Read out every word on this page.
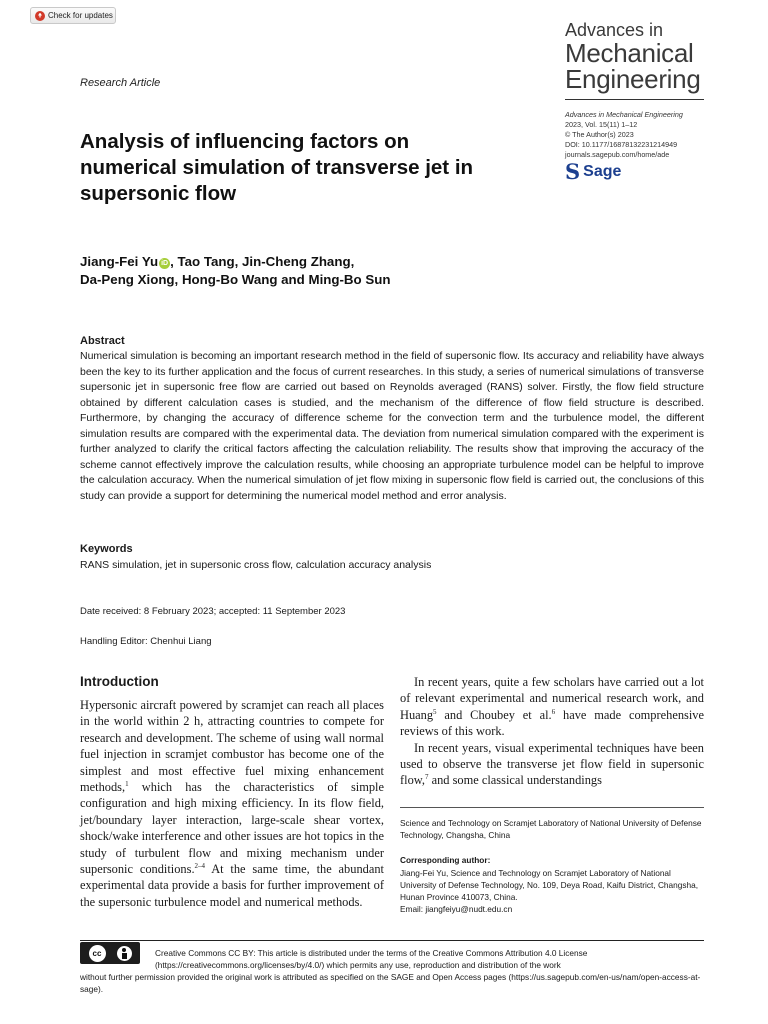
Check for updates
Research Article
Advances in
Mechanical
Engineering
Advances in Mechanical Engineering
2023, Vol. 15(11) 1–12
© The Author(s) 2023
DOI: 10.1177/16878132231214949
journals.sagepub.com/home/ade
S Sage
Analysis of influencing factors on numerical simulation of transverse jet in supersonic flow
Jiang-Fei Yu iD , Tao Tang, Jin-Cheng Zhang,
Da-Peng Xiong, Hong-Bo Wang and Ming-Bo Sun
Abstract
Numerical simulation is becoming an important research method in the field of supersonic flow. Its accuracy and reliability have always been the key to its further application and the focus of current researches. In this study, a series of numerical simulations of transverse supersonic jet in supersonic free flow are carried out based on Reynolds averaged (RANS) solver. Firstly, the flow field structure obtained by different calculation cases is studied, and the mechanism of the difference of flow field structure is described. Furthermore, by changing the accuracy of difference scheme for the convection term and the turbulence model, the different simulation results are compared with the experimental data. The deviation from numerical simulation compared with the experiment is further analyzed to clarify the critical factors affecting the calculation reliability. The results show that improving the accuracy of the scheme cannot effectively improve the calculation results, while choosing an appropriate turbulence model can be helpful to improve the calculation accuracy. When the numerical simulation of jet flow mixing in supersonic flow field is carried out, the conclusions of this study can provide a support for determining the numerical model method and error analysis.
Keywords
RANS simulation, jet in supersonic cross flow, calculation accuracy analysis
Date received: 8 February 2023; accepted: 11 September 2023
Handling Editor: Chenhui Liang
Introduction

Hypersonic aircraft powered by scramjet can reach all places in the world within 2 h, attracting countries to compete for research and development. The scheme of using wall normal fuel injection in scramjet combustor has become one of the simplest and most effective fuel mixing enhancement methods,$^1$ which has the characteristics of simple configuration and high mixing efficiency. In its flow field, jet/boundary layer interaction, large-scale shear vortex, shock/wake interference and other issues are hot topics in the study of turbulent flow and mixing mechanism under supersonic conditions.$^{2-4}$ At the same time, the abundant experimental data provide a basis for further improvement of the supersonic turbulence model and numerical methods.

In recent years, quite a few scholars have carried out a lot of relevant experimental and numerical research work, and Huang$^5$ and Choubey et al.$^6$ have made comprehensive reviews of this work.

In recent years, visual experimental techniques have been used to observe the transverse jet flow field in supersonic flow,$^7$ and some classical understandings

Science and Technology on Scramjet Laboratory of National University of Defense Technology, Changsha, China
Corresponding author:
Jiang-Fei Yu, Science and Technology on Scramjet Laboratory of National University of Defense Technology, No. 109, Deya Road, Kaifu District, Changsha, Hunan Province 410073, China.
Email: jiangfeiyu@nudt.edu.cn
cc	Creative Commons CC BY: This article is distributed under the terms of the Creative Commons Attribution 4.0 License (https://creativecommons.org/licenses/by/4.0/) which permits any use, reproduction and distribution of the work
without further permission provided the original work is attributed as specified on the SAGE and Open Access pages (https://us.sagepub.com/en-us/nam/open-access-at-sage).
